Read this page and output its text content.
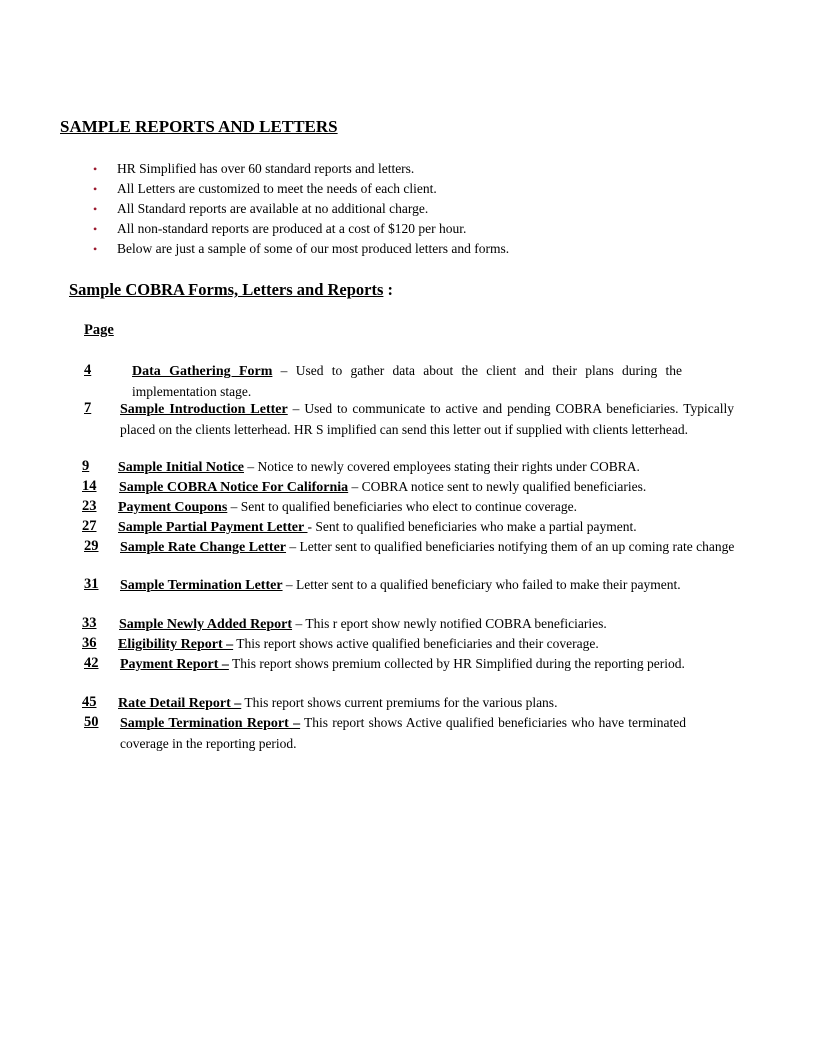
SAMPLE REPORTS AND LETTERS
• HR Simplified has over 60 standard reports and letters.
• All Letters are customized to meet the needs of each client.
• All Standard reports are available at no additional charge.
• All non-standard reports are produced at a cost of $120 per hour.
• Below are just a sample of some of our most produced letters and forms.
Sample COBRA Forms, Letters and Reports :
Page
4	Data Gathering Form – Used to gather data about the client and their plans during the implementation stage.
7 Sample Introduction Letter – Used to communicate to active and pending COBRA beneficiaries. Typically placed on the clients letterhead. HR S implified can send this letter out if supplied with clients letterhead.
9 Sample Initial Notice – Notice to newly covered employees stating their rights under COBRA.
14 Sample COBRA Notice For California – COBRA notice sent to newly qualified beneficiaries.
23 Payment Coupons – Sent to qualified beneficiaries who elect to continue coverage.
27 Sample Partial Payment Letter - Sent to qualified beneficiaries who make a partial payment.
29 Sample Rate Change Letter – Letter sent to qualified beneficiaries notifying them of an up coming rate change
31 Sample Termination Letter – Letter sent to a qualified beneficiary who failed to make their payment.
33 Sample Newly Added Report – This r eport show newly notified COBRA beneficiaries.
36 Eligibility Report – This report shows active qualified beneficiaries and their coverage.
42 Payment Report – This report shows premium collected by HR Simplified during the reporting period.
45 Rate Detail Report – This report shows current premiums for the various plans.
50 Sample Termination Report – This report shows Active qualified beneficiaries who have terminated coverage in the reporting period.
